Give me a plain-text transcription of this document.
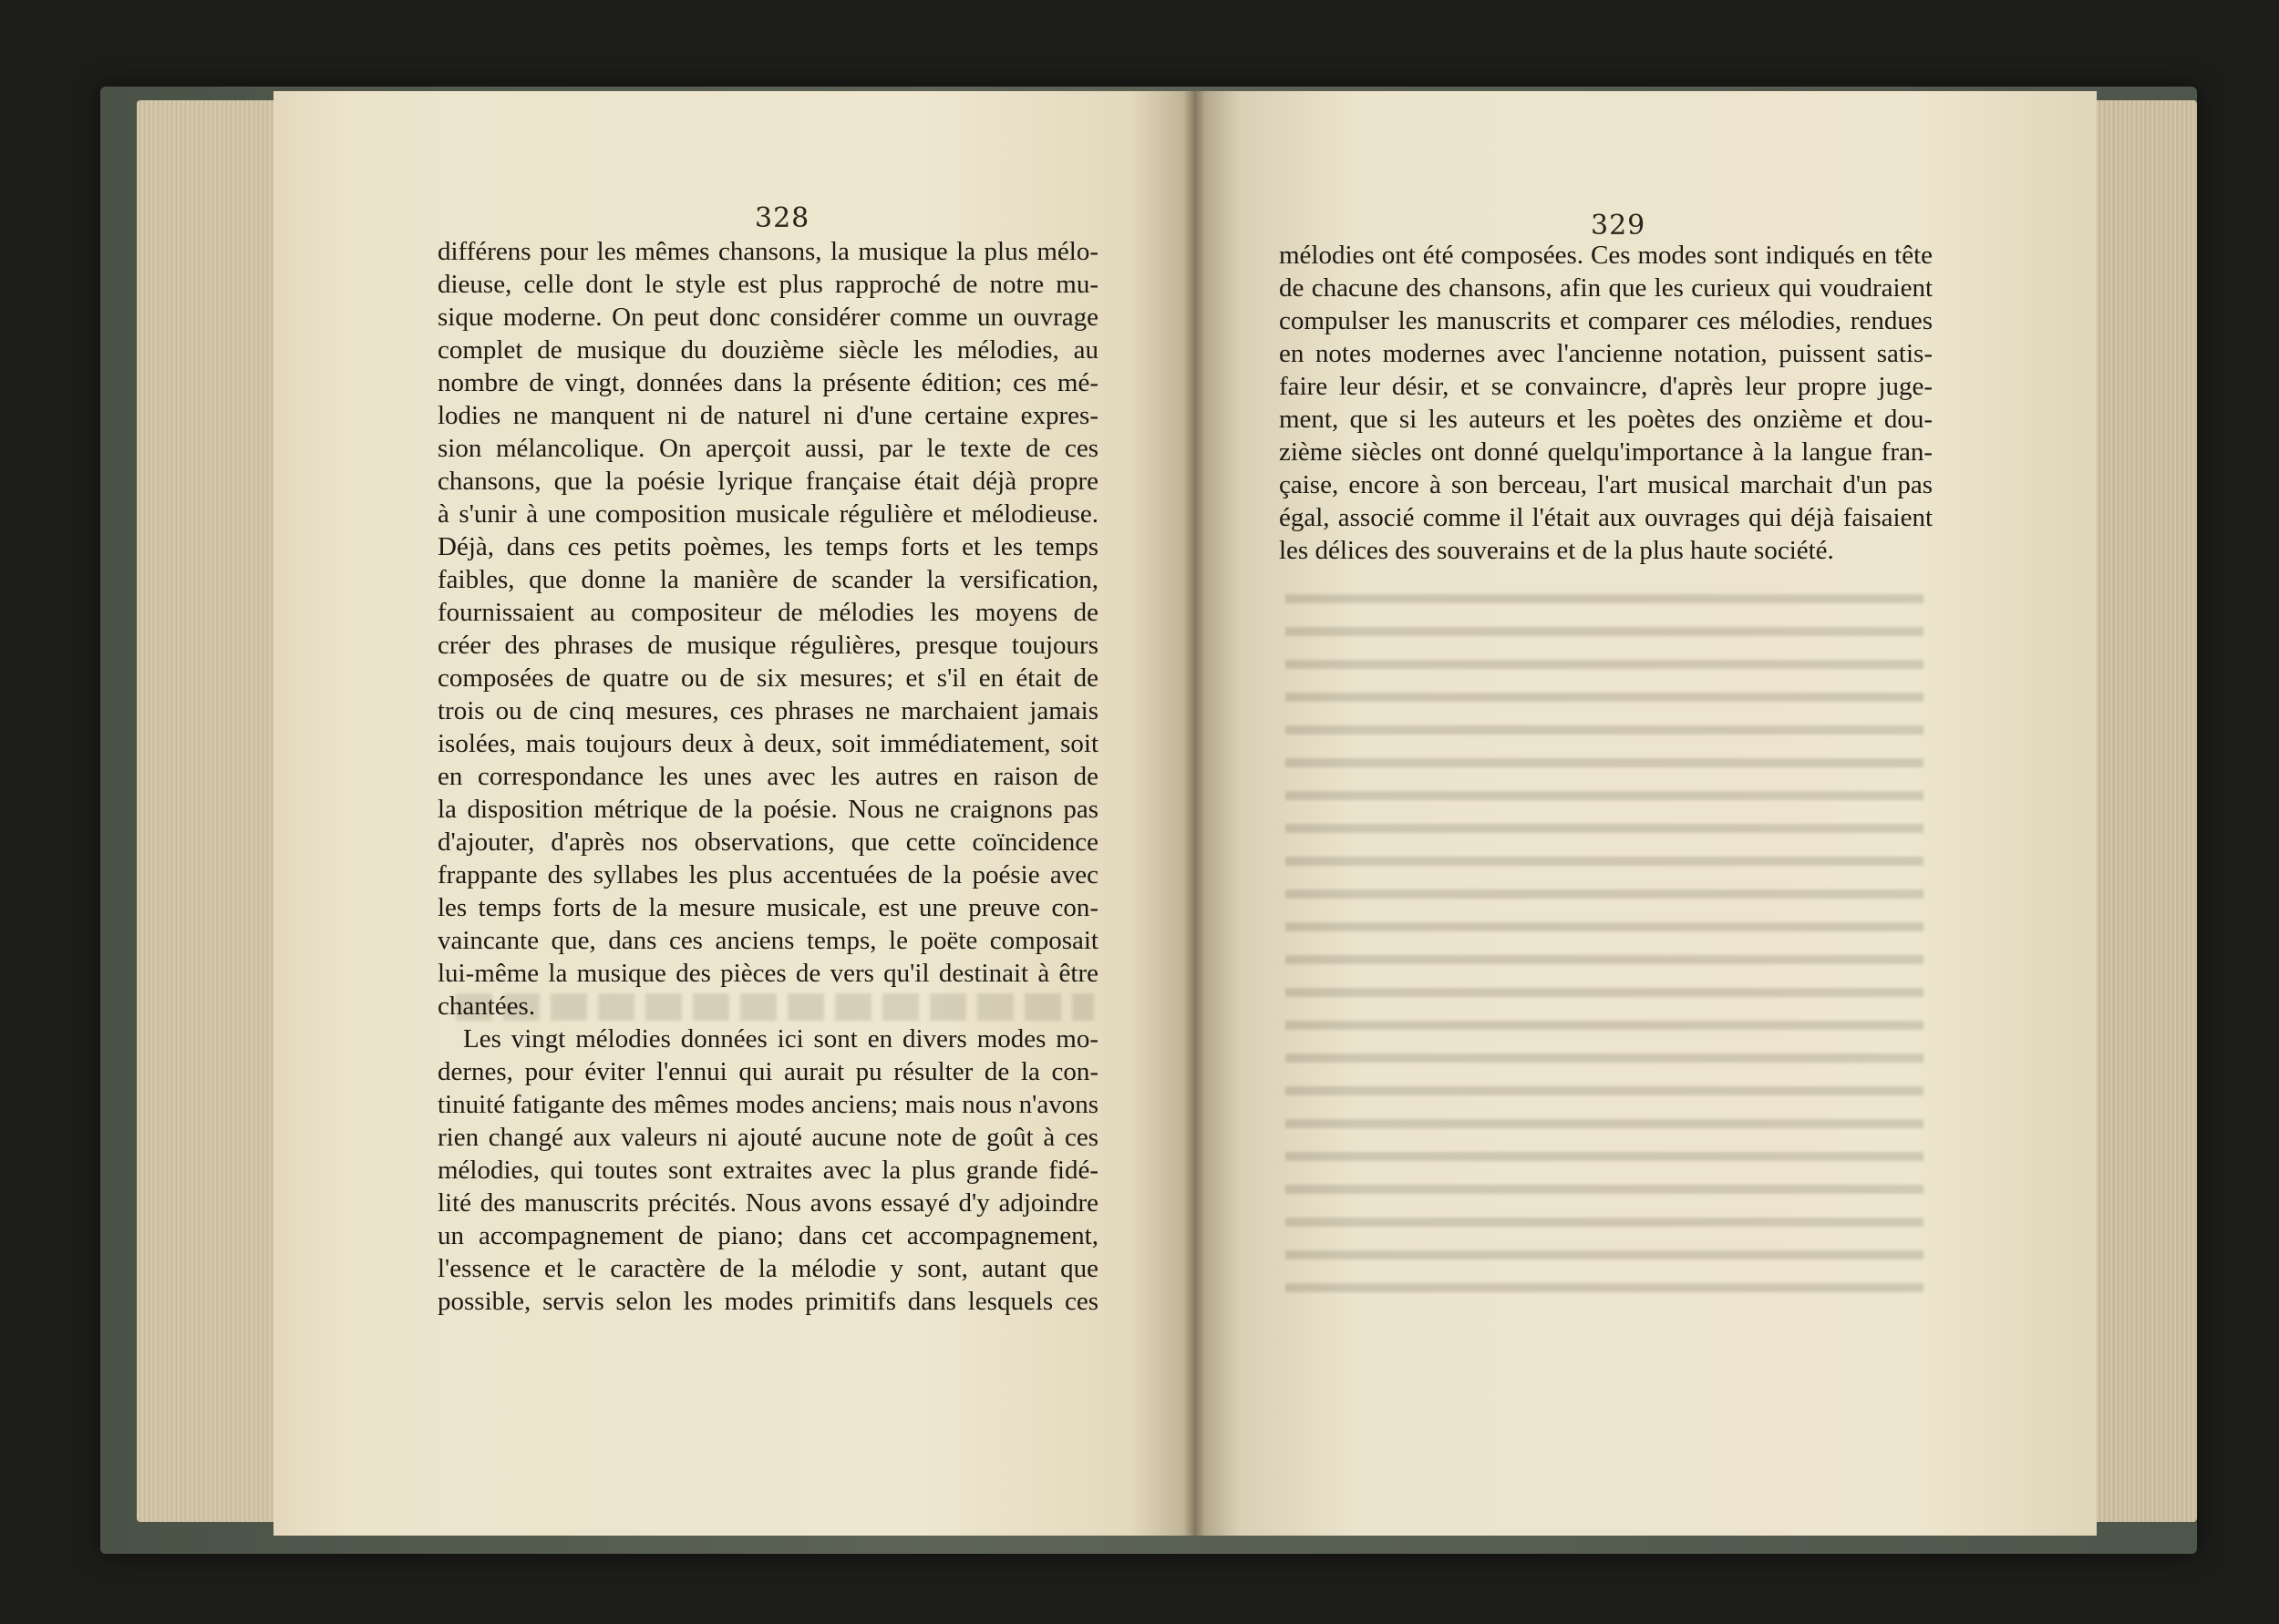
328	329
différens pour les mêmes chansons, la musique la plus mélo-
dieuse, celle dont le style est plus rapproché de notre mu-
sique moderne. On peut donc considérer comme un ouvrage
complet de musique du douzième siècle les mélodies, au
nombre de vingt, données dans la présente édition; ces mé-
lodies ne manquent ni de naturel ni d'une certaine expres-
sion mélancolique. On aperçoit aussi, par le texte de ces
chansons, que la poésie lyrique française était déjà propre
à s'unir à une composition musicale régulière et mélodieuse.
Déjà, dans ces petits poèmes, les temps forts et les temps
faibles, que donne la manière de scander la versification,
fournissaient au compositeur de mélodies les moyens de
créer des phrases de musique régulières, presque toujours
composées de quatre ou de six mesures; et s'il en était de
trois ou de cinq mesures, ces phrases ne marchaient jamais
isolées, mais toujours deux à deux, soit immédiatement, soit
en correspondance les unes avec les autres en raison de
la disposition métrique de la poésie. Nous ne craignons pas
d'ajouter, d'après nos observations, que cette coïncidence
frappante des syllabes les plus accentuées de la poésie avec
les temps forts de la mesure musicale, est une preuve con-
vaincante que, dans ces anciens temps, le poëte composait
lui-même la musique des pièces de vers qu'il destinait à être
chantées.
Les vingt mélodies données ici sont en divers modes mo-
dernes, pour éviter l'ennui qui aurait pu résulter de la con-
tinuité fatigante des mêmes modes anciens; mais nous n'avons
rien changé aux valeurs ni ajouté aucune note de goût à ces
mélodies, qui toutes sont extraites avec la plus grande fidé-
lité des manuscrits précités. Nous avons essayé d'y adjoindre
un accompagnement de piano; dans cet accompagnement,
l'essence et le caractère de la mélodie y sont, autant que
possible, servis selon les modes primitifs dans lesquels ces
mélodies ont été composées. Ces modes sont indiqués en tête
de chacune des chansons, afin que les curieux qui voudraient
compulser les manuscrits et comparer ces mélodies, rendues
en notes modernes avec l'ancienne notation, puissent satis-
faire leur désir, et se convaincre, d'après leur propre juge-
ment, que si les auteurs et les poètes des onzième et dou-
zième siècles ont donné quelqu'importance à la langue fran-
çaise, encore à son berceau, l'art musical marchait d'un pas
égal, associé comme il l'était aux ouvrages qui déjà faisaient
les délices des souverains et de la plus haute société.
